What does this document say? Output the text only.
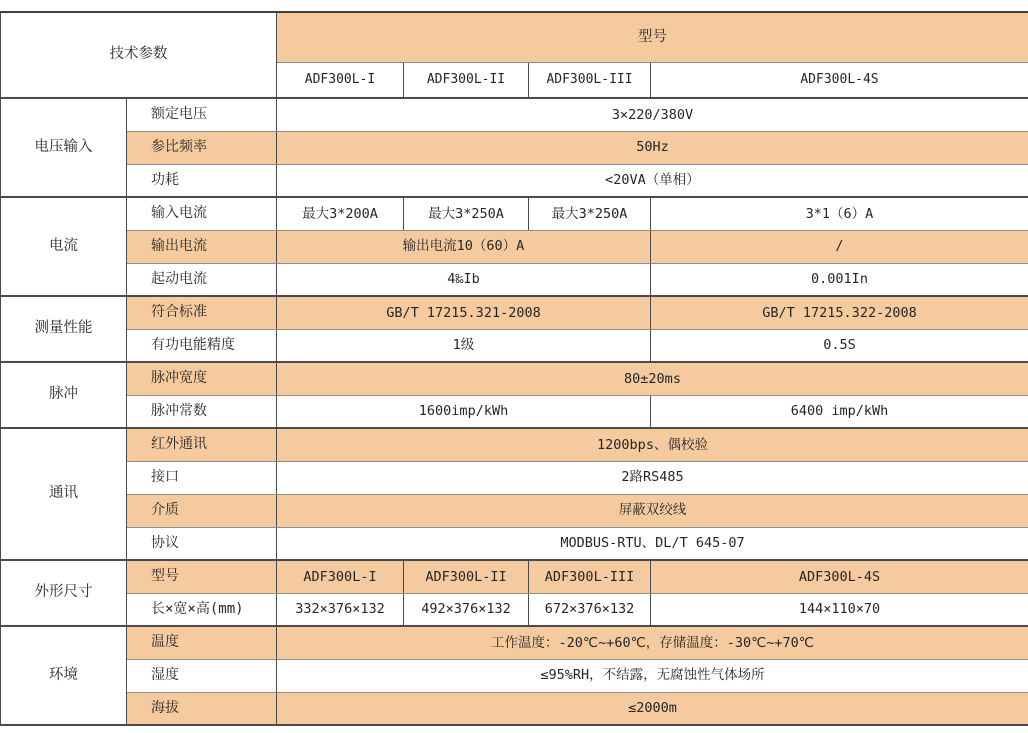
技术参数		型号			
		ADF300L-I	ADF300L-II	ADF300L-III	ADF300L-4S
电压输入	额定电压	3×220/380V			
	参比频率	50Hz			
	功耗	<20VA（单相）			
电流	输入电流	最大3*200A	最大3*250A	最大3*250A	3*1（6）A
	输出电流	输出电流10（60）A			/
	起动电流	4‰Ib			0.001In
测量性能	符合标准	GB/T 17215.321-2008			GB/T 17215.322-2008
	有功电能精度	1级			0.5S
脉冲	脉冲宽度	80±20ms			
	脉冲常数	1600imp/kWh			6400 imp/kWh
通讯	红外通讯	1200bps、偶校验			
	接口	2路RS485			
	介质	屏蔽双绞线			
	协议	MODBUS-RTU、DL/T 645-07			
外形尺寸	型号	ADF300L-I	ADF300L-II	ADF300L-III	ADF300L-4S
	长×宽×高(mm)	332×376×132	492×376×132	672×376×132	144×110×70
环境	温度	工作温度：-20℃~+60℃，存储温度：-30℃~+70℃			
	湿度	≤95%RH，不结露，无腐蚀性气体场所			
	海拔	≤2000m			
